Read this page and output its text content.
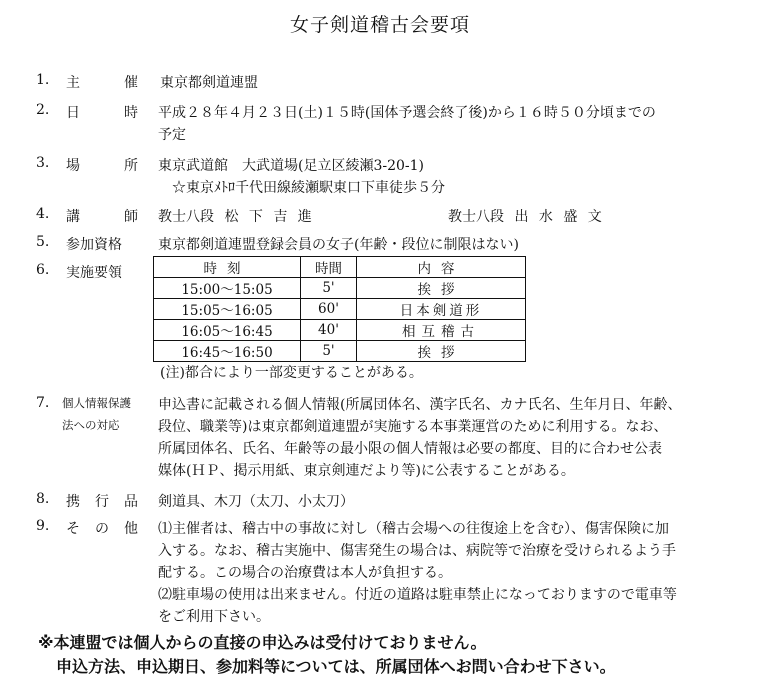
女子剣道稽古会要項
1. 主	催 東京都剣道連盟
2. 日	時 平成２８年４月２３日(土)１５時(国体予選会終了後)から１６時５０分頃までの
予定
3. 場	所 東京武道館　大武道場(足立区綾瀬3-20-1)
☆東京ﾒﾄﾛ千代田線綾瀬駅東口下車徒歩５分
4. 講	師 教士八段 松 下 吉 進	教士八段 出 水 盛 文
5. 参加資格	東京都剣道連盟登録会員の女子(年齢・段位に制限はない)
6. 実施要領	時刻	時間	内容
15:00～15:05	5'	挨拶
15:05～16:05	60'	日本剣道形
16:05～16:45	40'	相互稽古
16:45～16:50	5'	挨拶
(注)都合により一部変更することがある。
7. 個人情報保護
法への対応
申込書に記載される個人情報(所属団体名、漢字氏名、カナ氏名、生年月日、年齢、
段位、職業等)は東京都剣道連盟が実施する本事業運営のために利用する。なお、
所属団体名、氏名、年齢等の最小限の個人情報は必要の都度、目的に合わせ公表
媒体(ＨＰ、掲示用紙、東京剣連だより等)に公表することがある。
8. 携 行 品 剣道具、木刀（太刀、小太刀）
9. そ の 他 ⑴主催者は、稽古中の事故に対し（稽古会場への往復途上を含む）、傷害保険に加
入する。なお、稽古実施中、傷害発生の場合は、病院等で治療を受けられるよう手
配する。この場合の治療費は本人が負担する。
⑵駐車場の使用は出来ません。付近の道路は駐車禁止になっておりますので電車等
をご利用下さい。
※本連盟では個人からの直接の申込みは受付けておりません。
申込方法、申込期日、参加料等については、所属団体へお問い合わせ下さい。
